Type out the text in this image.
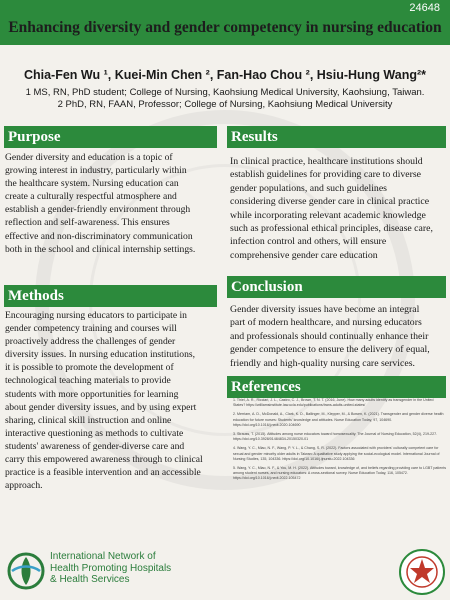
24648
Enhancing diversity and gender competency in nursing education
Chia-Fen Wu ¹, Kuei-Min Chen ², Fan-Hao Chou ², Hsiu-Hung Wang²*
1 MS, RN, PhD student; College of Nursing, Kaohsiung Medical University, Kaohsiung, Taiwan.
2 PhD, RN, FAAN, Professor; College of Nursing, Kaohsiung Medical University
Purpose
Gender diversity and education is a topic of
growing interest in industry, particularly within
the healthcare system. Nursing education can
create a culturally respectful atmosphere and
establish a gender-friendly environment through
reflection and self-awareness. This ensures
effective and non-discriminatory communication
both in the school and clinical internship settings.
Methods
Encouraging nursing educators to participate in
gender competency training and courses will
proactively address the challenges of gender
diversity issues. In nursing education institutions,
it is possible to promote the development of
technological teaching materials to provide
students with more opportunities for learning
about gender diversity issues, and by using expert
sharing, clinical skill instruction and online
interactive questioning as methods to cultivate
students' awareness of gender-diverse care and
carry this empowered awareness through to clinical
practice is a feasible intervention and an accessible
approach.
Results
In clinical practice, healthcare institutions should
establish guidelines for providing care to diverse
gender populations, and such guidelines
considering diverse gender care in clinical practice
while incorporating relevant academic knowledge
such as professional ethical principles, disease care,
infection control and others, will ensure
comprehensive gender care education
Conclusion
Gender diversity issues have become an integral
part of modern healthcare, and nursing educators
and professionals should continually enhance their
gender competence to ensure the delivery of equal,
friendly and high-quality nursing care services.
References
1. Thiel, A. R., Ricciari, J. L., Castro, C. J., Brown, T. N. T. (2016, June). How many adults identify as transgender in the United States? https://williamsinstitute.law.ucla.edu/publications/trans-adults-united-states/
2. Merriam, A. D., McDonald, A., Clark, K. D., Ballinger, M., Klepper, M., & Bowen, K. (2021). Transgender and gender diverse health education for future nurses: Students' knowledge and attitudes. Nurse Education Today, 97, 104690. https://doi.org/10.1016/j.nedt.2020.104690
3. Strauss, T. (2015). Attitudes among nurse educators toward homosexuality. The Journal of Nursing Education, 52(4), 219-227. https://doi.org/10.3928/01484834-20150320-01
4. Wang, Y. C., Miao, N. F., Wang, P. Y. L., & Chang, S. R. (2022). Factors associated with providers' culturally competent care for sexual and gender minority older adults in Taiwan: A qualitative study applying the social-ecological model. International Journal of Nursing Studies, 135, 104336. https://doi.org/10.1016/j.ijnurstu.2022.104336
5. Wang, Y. C., Miao, N. F., & You, M. H. (2022). Attitudes toward, knowledge of, and beliefs regarding providing care to LGBT patients among student nurses, and nursing educators: A cross-sectional survey. Nurse Education Today, 116, 105472. https://doi.org/10.1016/j.nedt.2022.105472
International Network of
Health Promoting Hospitals
& Health Services
